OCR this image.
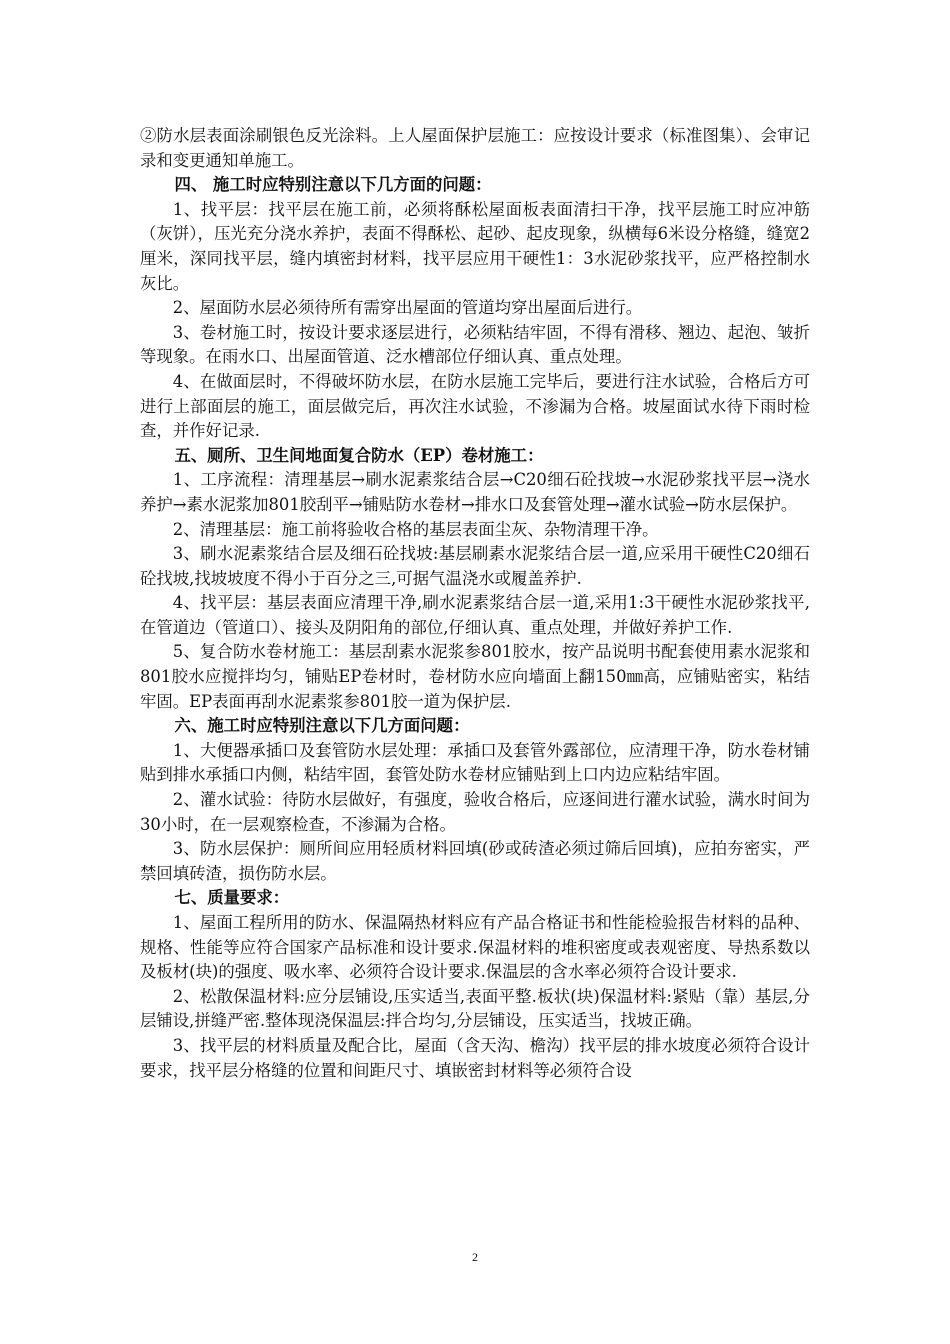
②防水层表面涂刷银色反光涂料。上人屋面保护层施工：应按设计要求（标准图集）、会审记录和变更通知单施工。

四、 施工时应特别注意以下几方面的问题：

1、找平层：找平层在施工前，必须将酥松屋面板表面清扫干净，找平层施工时应冲筋（灰饼），压光充分浇水养护，表面不得酥松、起砂、起皮现象，纵横每6米设分格缝，缝宽2厘米，深同找平层，缝内填密封材料，找平层应用干硬性1：3水泥砂浆找平，应严格控制水灰比。

2、屋面防水层必须待所有需穿出屋面的管道均穿出屋面后进行。

3、卷材施工时，按设计要求逐层进行，必须粘结牢固，不得有滑移、翘边、起泡、皱折等现象。在雨水口、出屋面管道、泛水槽部位仔细认真、重点处理。

4、在做面层时，不得破坏防水层，在防水层施工完毕后，要进行注水试验，合格后方可进行上部面层的施工，面层做完后，再次注水试验，不渗漏为合格。坡屋面试水待下雨时检查，并作好记录.

五、厕所、卫生间地面复合防水（EP）卷材施工：

1、工序流程：清理基层→刷水泥素浆结合层→C20细石砼找坡→水泥砂浆找平层→浇水养护→素水泥浆加801胶刮平→铺贴防水卷材→排水口及套管处理→灌水试验→防水层保护。

2、清理基层：施工前将验收合格的基层表面尘灰、杂物清理干净。

3、刷水泥素浆结合层及细石砼找坡:基层刷素水泥浆结合层一道,应采用干硬性C20细石砼找坡,找坡坡度不得小于百分之三,可据气温浇水或履盖养护.

4、找平层：基层表面应清理干净,刷水泥素浆结合层一道,采用1:3干硬性水泥砂浆找平,在管道边（管道口）、接头及阴阳角的部位,仔细认真、重点处理，并做好养护工作.

5、复合防水卷材施工：基层刮素水泥浆参801胶水，按产品说明书配套使用素水泥浆和801胶水应搅拌均匀，铺贴EP卷材时，卷材防水应向墙面上翻150㎜高，应铺贴密实，粘结牢固。EP表面再刮水泥素浆参801胶一道为保护层.

六、施工时应特别注意以下几方面问题：

1、大便器承插口及套管防水层处理：承插口及套管外露部位，应清理干净，防水卷材铺贴到排水承插口内侧，粘结牢固，套管处防水卷材应铺贴到上口内边应粘结牢固。

2、灌水试验：待防水层做好，有强度，验收合格后，应逐间进行灌水试验，满水时间为30小时，在一层观察检查，不渗漏为合格。

3、防水层保护：厕所间应用轻质材料回填(砂或砖渣必须过筛后回填)，应拍夯密实，严禁回填砖渣，损伤防水层。

七、质量要求：

1、屋面工程所用的防水、保温隔热材料应有产品合格证书和性能检验报告材料的品种、规格、性能等应符合国家产品标准和设计要求.保温材料的堆积密度或表观密度、导热系数以及板材(块)的强度、吸水率、必须符合设计要求.保温层的含水率必须符合设计要求.

2、松散保温材料:应分层铺设,压实适当,表面平整.板状(块)保温材料:紧贴（靠）基层,分层铺设,拼缝严密.整体现浇保温层:拌合均匀,分层铺设，压实适当，找坡正确。

3、找平层的材料质量及配合比，屋面（含天沟、檐沟）找平层的排水坡度必须符合设计要求，找平层分格缝的位置和间距尺寸、填嵌密封材料等必须符合设

2
